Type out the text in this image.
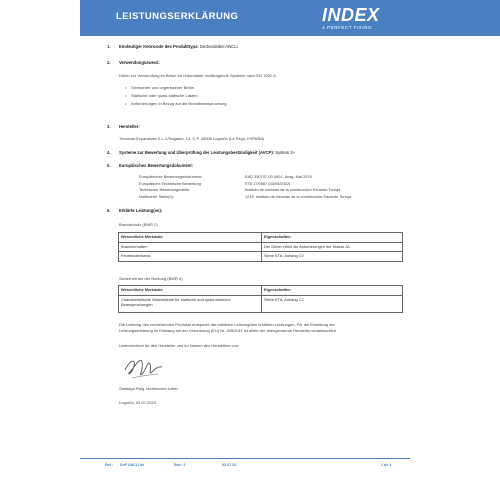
LEISTUNGSERKLÄRUNG	INDEX
A PERFECT FIXING
1. Eindeutiger Kenncode des Produkttyps: Deckendübel ANCLI.
2. Verwendungszweck:
Dübel zur Verwendung im Beton für redundante nichttragende Systeme nach EN 1992-4:
• Gerissener und ungerissener Beton
• Statische oder quasi-statische Lasten
• Anforderungen in Bezug auf die Brandbeanspruchung
3. Hersteller:
Técnicas Expansivas S.L C/Segador, 13. C.P. 26006 Logroño (La Rioja, ESPAÑA)
4. Systeme zur Bewertung und Überprüfung der Leistungsbeständigkeit (AVCP): System 2+
5. Europäisches Bewertungsdokument:
Europäisches Bewertungsdokument:	EAD 330747-00-0601, Ausg. Mai 2018
Europäische Technische Bewertung:	ETA 17/0687 (03/05/2022)
Technische Bewertungsstelle:	Instituto de ciencias de la construcción Eduardo Torroja
Notifizierte Stelle(n):	1219: Instituto de ciencias de la construcción Eduardo Torroja
6. Erklärte Leistung(en):
Brandschutz (BWR 2)
Wesentliche Merkmale	Eigenschaften
Brandverhalten	Der Dübel erfüllt die Anforderungen der Klasse A1
Feuerwiderstand	Siehe ETA, Anhang C2
Sicherheit bei der Nutzung (BWR 4)
Wesentliche Merkmale	Eigenschaften
Charakteristische Widerstände für statische und quasi-statische Beanspruchungen	Siehe ETA, Anhang C2
Die Leistung des vorstehenden Produkts entspricht der erklärten Leistung/den erklärten Leistungen. Für die Erstellung der
Leistungserklärung im Einklang mit der Verordnung (EU) Nr. 305/2011 ist allein der obengenannte Hersteller verantwortlich.
Unterzeichnet für den Hersteller und im Namen des Herstellers von:
Santiago Reig, technischer Leiter
Logroño, 03.07.2023
Ref.: DoP ANCLI.de	Rev.: 2	03.07.23	1 de 1
